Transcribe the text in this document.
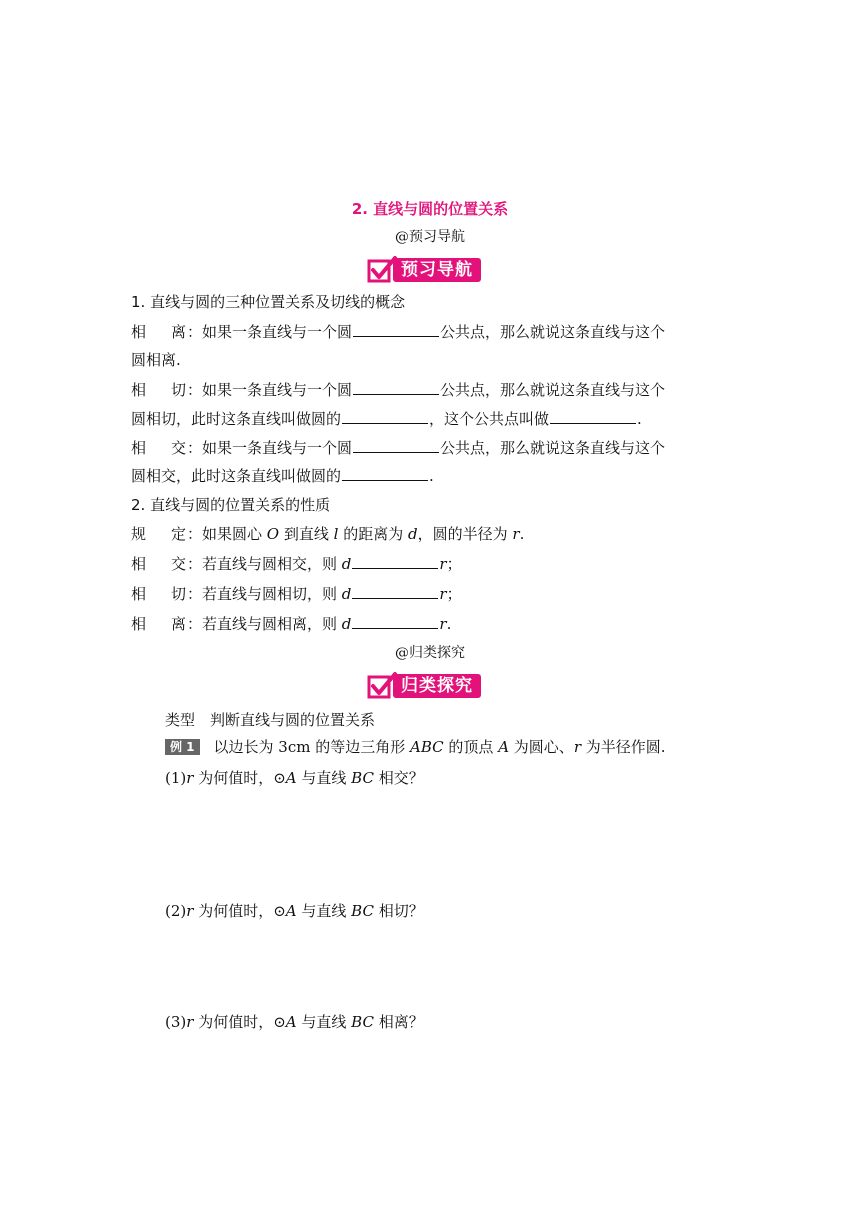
2. 直线与圆的位置关系
@预习导航
预习导航
1. 直线与圆的三种位置关系及切线的概念
相 离：如果一条直线与一个圆	公共点，那么就说这条直线与这个
圆相离.
相 切：如果一条直线与一个圆	公共点，那么就说这条直线与这个
圆相切，此时这条直线叫做圆的	，这个公共点叫做	.
相 交：如果一条直线与一个圆	公共点，那么就说这条直线与这个
圆相交，此时这条直线叫做圆的	.
2. 直线与圆的位置关系的性质
规 定：如果圆心 O 到直线 l 的距离为 d，圆的半径为 r.
相 交：若直线与圆相交，则 d	r；
相 切：若直线与圆相切，则 d	r；
相 离：若直线与圆相离，则 d	r.
@归类探究
归类探究
类型　判断直线与圆的位置关系
例 1 以边长为 3cm 的等边三角形 ABC 的顶点 A 为圆心、r 为半径作圆.
(1)r 为何值时，⊙A 与直线 BC 相交？
(2)r 为何值时，⊙A 与直线 BC 相切？
(3)r 为何值时，⊙A 与直线 BC 相离？
